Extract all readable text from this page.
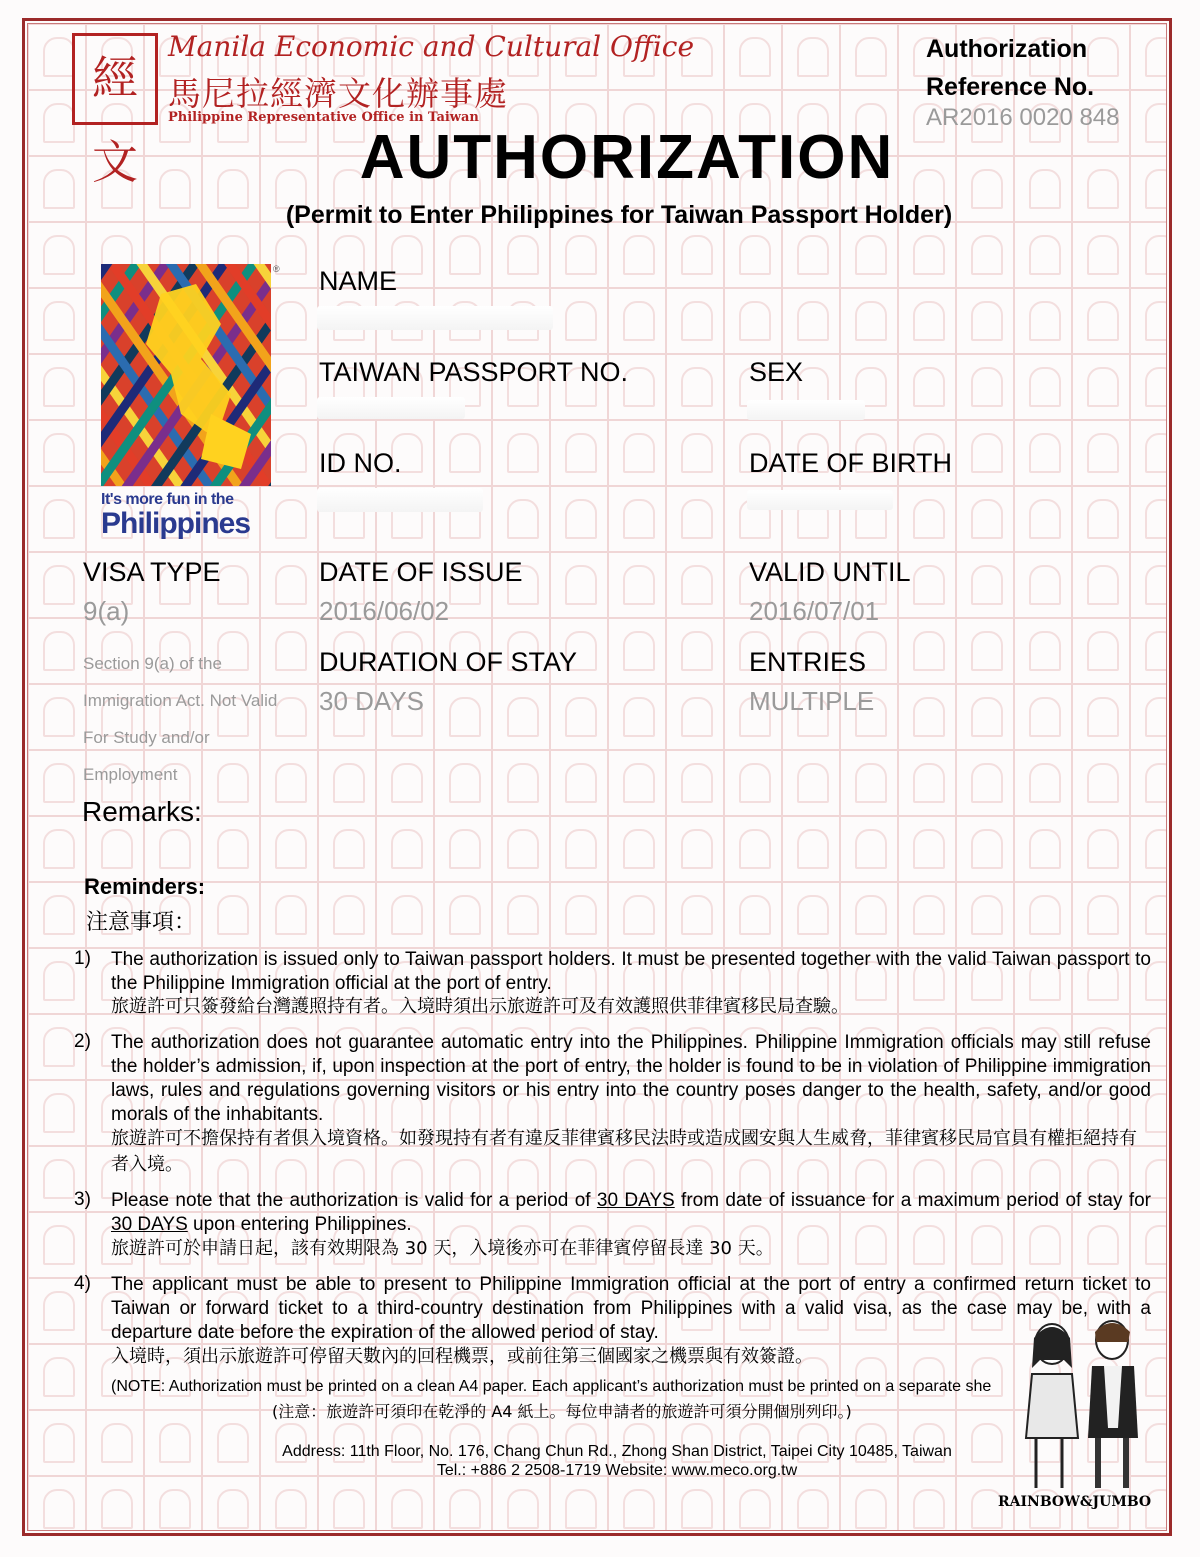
經文
Manila Economic and Cultural Office
馬尼拉經濟文化辦事處
Philippine Representative Office in Taiwan
Authorization
Reference No.
AR2016 0020 848
AUTHORIZATION
(Permit to Enter Philippines for Taiwan Passport Holder)
®
It's more fun in the
Philippines
NAME
TAIWAN PASSPORT NO.	SEX
ID NO.	DATE OF BIRTH
VISA TYPE
9(a)
DATE OF ISSUE
2016/06/02
VALID UNTIL
2016/07/01
Section 9(a) of the
Immigration Act. Not Valid
For Study and/or
Employment
DURATION OF STAY
30 DAYS
ENTRIES
MULTIPLE
Remarks:
Reminders:
注意事項：
1) The authorization is issued only to Taiwan passport holders. It must be presented together with the valid Taiwan passport to the Philippine Immigration official at the port of entry.
旅遊許可只簽發給台灣護照持有者。入境時須出示旅遊許可及有效護照供菲律賓移民局查驗。
2) The authorization does not guarantee automatic entry into the Philippines. Philippine Immigration officials may still refuse the holder’s admission, if, upon inspection at the port of entry, the holder is found to be in violation of Philippine immigration laws, rules and regulations governing visitors or his entry into the country poses danger to the health, safety, and/or good morals of the inhabitants.
旅遊許可不擔保持有者俱入境資格。如發現持有者有違反菲律賓移民法時或造成國安與人生威脅，菲律賓移民局官員有權拒絕持有者入境。
3) Please note that the authorization is valid for a period of 30 DAYS from date of issuance for a maximum period of stay for 30 DAYS upon entering Philippines.
旅遊許可於申請日起，該有效期限為 30 天，入境後亦可在菲律賓停留長達 30 天。
4) The applicant must be able to present to Philippine Immigration official at the port of entry a confirmed return ticket to Taiwan or forward ticket to a third-country destination from Philippines with a valid visa, as the case may be, with a departure date before the expiration of the allowed period of stay.
入境時，須出示旅遊許可停留天數內的回程機票，或前往第三個國家之機票與有效簽證。
(NOTE: Authorization must be printed on a clean A4 paper. Each applicant’s authorization must be printed on a separate she
(注意：旅遊許可須印在乾淨的 A4 紙上。每位申請者的旅遊許可須分開個別列印。)
Address: 11th Floor, No. 176, Chang Chun Rd., Zhong Shan District, Taipei City 10485, Taiwan
Tel.: +886 2 2508-1719 Website: www.meco.org.tw
RAINBOW&JUMBO
